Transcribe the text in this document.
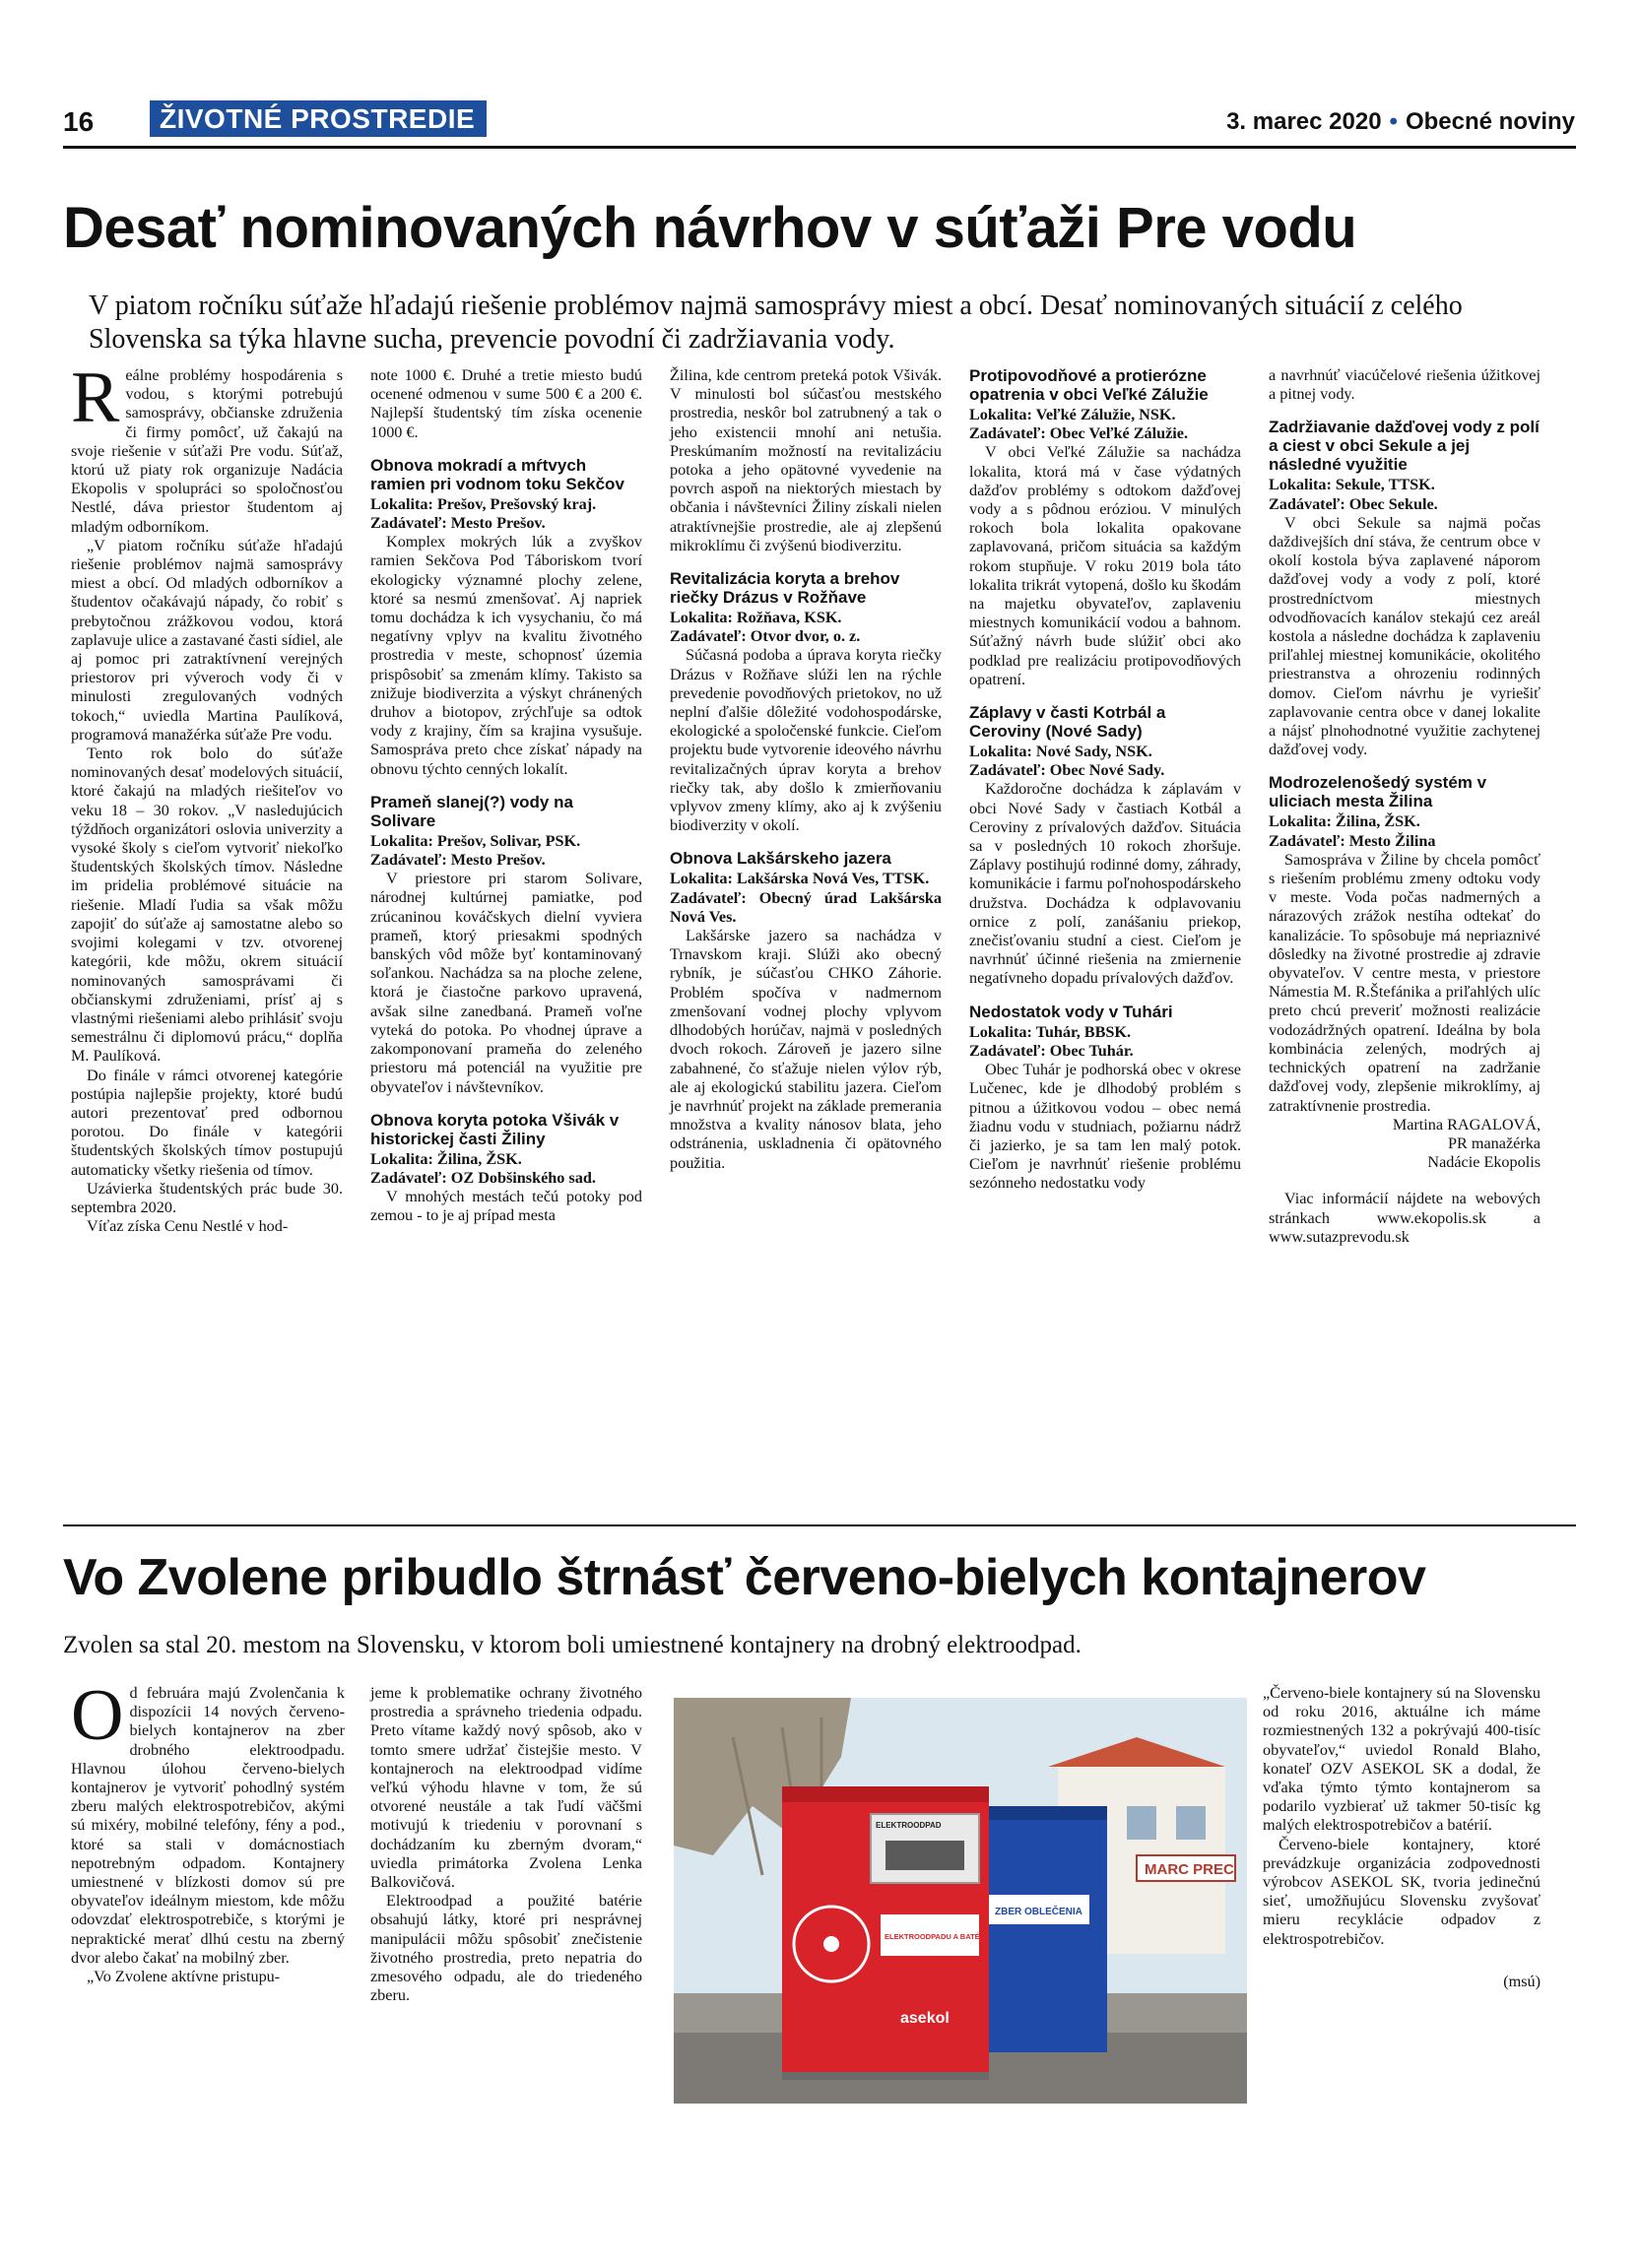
16	ŽIVOTNÉ PROSTREDIE	3. marec 2020 • Obecné noviny
Desať nominovaných návrhov v súťaži Pre vodu
V piatom ročníku súťaže hľadajú riešenie problémov najmä samosprávy miest a obcí. Desať nominovaných situácií z celého Slovenska sa týka hlavne sucha, prevencie povodní či zadržiavania vody.

Reálne problémy hospodárenia s vodou, s ktorými potrebujú samosprávy, občianske združenia či firmy pomôcť, už čakajú na svoje riešenie v súťaži Pre vodu. Súťaž, ktorú už piaty rok organizuje Nadácia Ekopolis v spolupráci so spoločnosťou Nestlé, dáva priestor študentom aj mladým odborníkom.

„V piatom ročníku súťaže hľadajú riešenie problémov najmä samosprávy miest a obcí. Od mladých odborníkov a študentov očakávajú nápady, čo robiť s prebytočnou zrážkovou vodou, ktorá zaplavuje ulice a zastavané časti sídiel, ale aj pomoc pri zatraktívnení verejných priestorov pri výveroch vody či v minulosti zregulovaných vodných tokoch,“ uviedla Martina Paulíková, programová manažérka súťaže Pre vodu.

Tento rok bolo do súťaže nominovaných desať modelových situácií, ktoré čakajú na mladých riešiteľov vo veku 18 – 30 rokov. „V nasledujúcich týždňoch organizátori oslovia univerzity a vysoké školy s cieľom vytvoriť niekoľko študentských školských tímov. Následne im pridelia problémové situácie na riešenie. Mladí ľudia sa však môžu zapojiť do súťaže aj samostatne alebo so svojimi kolegami v tzv. otvorenej kategórii, kde môžu, okrem situácií nominovaných samosprávami či občianskymi združeniami, prísť aj s vlastnými riešeniami alebo prihlásiť svoju semestrálnu či diplomovú prácu,“ doplňa M. Paulíková.

Do finále v rámci otvorenej kategórie postúpia najlepšie projekty, ktoré budú autori prezentovať pred odbornou porotou. Do finále v kategórii študentských školských tímov postupujú automaticky všetky riešenia od tímov.

Uzávierka študentských prác bude 30. septembra 2020.

Víťaz získa Cenu Nestlé v hod-

note 1000 €. Druhé a tretie miesto budú ocenené odmenou v sume 500 € a 200 €. Najlepší študentský tím získa ocenenie 1000 €.

Obnova mokradí a mŕtvych ramien pri vodnom toku Sekčov

Lokalita: Prešov, Prešovský kraj.

Zadávateľ: Mesto Prešov.

Komplex mokrých lúk a zvyškov ramien Sekčova Pod Táboriskom tvorí ekologicky významné plochy zelene, ktoré sa nesmú zmenšovať. Aj napriek tomu dochádza k ich vysychaniu, čo má negatívny vplyv na kvalitu životného prostredia v meste, schopnosť územia prispôsobiť sa zmenám klímy. Takisto sa znižuje biodiverzita a výskyt chránených druhov a biotopov, zrýchľuje sa odtok vody z krajiny, čím sa krajina vysušuje. Samospráva preto chce získať nápady na obnovu týchto cenných lokalít.

Prameň slanej(?) vody na Solivare

Lokalita: Prešov, Solivar, PSK.

Zadávateľ: Mesto Prešov.

V priestore pri starom Solivare, národnej kultúrnej pamiatke, pod zrúcaninou kováčskych dielní vyviera prameň, ktorý priesakmi spodných banských vôd môže byť kontaminovaný soľankou. Nachádza sa na ploche zelene, ktorá je čiastočne parkovo upravená, avšak silne zanedbaná. Prameň voľne vyteká do potoka. Po vhodnej úprave a zakomponovaní prameňa do zeleného priestoru má potenciál na využitie pre obyvateľov i návštevníkov.

Obnova koryta potoka Všivák v historickej časti Žiliny

Lokalita: Žilina, ŽSK.

Zadávateľ: OZ Dobšinského sad.

V mnohých mestách tečú potoky pod zemou - to je aj prípad mesta

Žilina, kde centrom preteká potok Všivák. V minulosti bol súčasťou mestského prostredia, neskôr bol zatrubnený a tak o jeho existencii mnohí ani netušia. Preskúmaním možností na revitalizáciu potoka a jeho opätovné vyvedenie na povrch aspoň na niektorých miestach by občania i návštevníci Žiliny získali nielen atraktívnejšie prostredie, ale aj zlepšenú mikroklímu či zvýšenú biodiverzitu.

Revitalizácia koryta a brehov riečky Drázus v Rožňave

Lokalita: Rožňava, KSK.

Zadávateľ: Otvor dvor, o. z.

Súčasná podoba a úprava koryta riečky Drázus v Rožňave slúži len na rýchle prevedenie povodňových prietokov, no už neplní ďalšie dôležité vodohospodárske, ekologické a spoločenské funkcie. Cieľom projektu bude vytvorenie ideového návrhu revitalizačných úprav koryta a brehov riečky tak, aby došlo k zmierňovaniu vplyvov zmeny klímy, ako aj k zvýšeniu biodiverzity v okolí.

Obnova Lakšárskeho jazera

Lokalita: Lakšárska Nová Ves, TTSK.

Zadávateľ: Obecný úrad Lakšárska Nová Ves.

Lakšárske jazero sa nachádza v Trnavskom kraji. Slúži ako obecný rybník, je súčasťou CHKO Záhorie. Problém spočíva v nadmernom zmenšovaní vodnej plochy vplyvom dlhodobých horúčav, najmä v posledných dvoch rokoch. Zároveň je jazero silne zabahnené, čo sťažuje nielen výlov rýb, ale aj ekologickú stabilitu jazera. Cieľom je navrhnúť projekt na základe premerania množstva a kvality nánosov blata, jeho odstránenia, uskladnenia či opätovného použitia.

Protipovodňové a protierózne opatrenia v obci Veľké Zálužie

Lokalita: Veľké Zálužie, NSK.

Zadávateľ: Obec Veľké Zálužie.

V obci Veľké Zálužie sa nachádza lokalita, ktorá má v čase výdatných dažďov problémy s odtokom dažďovej vody a s pôdnou eróziou. V minulých rokoch bola lokalita opakovane zaplavovaná, pričom situácia sa každým rokom stupňuje. V roku 2019 bola táto lokalita trikrát vytopená, došlo ku škodám na majetku obyvateľov, zaplaveniu miestnych komunikácií vodou a bahnom. Súťažný návrh bude slúžiť obci ako podklad pre realizáciu protipovodňových opatrení.

Záplavy v časti Kotrbál a Ceroviny (Nové Sady)

Lokalita: Nové Sady, NSK.

Zadávateľ: Obec Nové Sady.

Každoročne dochádza k záplavám v obci Nové Sady v častiach Kotbál a Ceroviny z prívalových dažďov. Situácia sa v posledných 10 rokoch zhoršuje. Záplavy postihujú rodinné domy, záhrady, komunikácie i farmu poľnohospodárskeho družstva. Dochádza k odplavovaniu ornice z polí, zanášaniu priekop, znečisťovaniu studní a ciest. Cieľom je navrhnúť účinné riešenia na zmiernenie negatívneho dopadu prívalových dažďov.

Nedostatok vody v Tuhári

Lokalita: Tuhár, BBSK.

Zadávateľ: Obec Tuhár.

Obec Tuhár je podhorská obec v okrese Lučenec, kde je dlhodobý problém s pitnou a úžitkovou vodou – obec nemá žiadnu vodu v studniach, požiarnu nádrž či jazierko, je sa tam len malý potok. Cieľom je navrhnúť riešenie problému sezónneho nedostatku vody

a navrhnúť viacúčelové riešenia úžitkovej a pitnej vody.

Zadržiavanie dažďovej vody z polí a ciest v obci Sekule a jej následné využitie

Lokalita: Sekule, TTSK.

Zadávateľ: Obec Sekule.

V obci Sekule sa najmä počas daždivejších dní stáva, že centrum obce v okolí kostola býva zaplavené náporom dažďovej vody a vody z polí, ktoré prostredníctvom miestnych odvodňovacích kanálov stekajú cez areál kostola a následne dochádza k zaplaveniu priľahlej miestnej komunikácie, okolitého priestranstva a ohrozeniu rodinných domov. Cieľom návrhu je vyriešiť zaplavovanie centra obce v danej lokalite a nájsť plnohodnotné využitie zachytenej dažďovej vody.

Modrozelenošedý systém v uliciach mesta Žilina

Lokalita: Žilina, ŽSK.

Zadávateľ: Mesto Žilina

Samospráva v Žiline by chcela pomôcť s riešením problému zmeny odtoku vody v meste. Voda počas nadmerných a nárazových zrážok nestíha odtekať do kanalizácie. To spôsobuje má nepriaznivé dôsledky na životné prostredie aj zdravie obyvateľov. V centre mesta, v priestore Námestia M. R.Štefánika a priľahlých ulíc preto chcú preveriť možnosti realizácie vodozádržných opatrení. Ideálna by bola kombinácia zelených, modrých aj technických opatrení na zadržanie dažďovej vody, zlepšenie mikroklímy, aj zatraktívnenie prostredia.

Martina RAGALOVÁ,

PR manažérka

Nadácie Ekopolis

Viac informácií nájdete na webových stránkach www.ekopolis.sk a www.sutazprevodu.sk

Vo Zvolene pribudlo štrnásť červeno-bielych kontajnerov
Zvolen sa stal 20. mestom na Slovensku, v ktorom boli umiestnené kontajnery na drobný elektroodpad.

Od februára majú Zvolenčania k dispozícii 14 nových červeno-bielych kontajnerov na zber drobného elektroodpadu. Hlavnou úlohou červeno-bielych kontajnerov je vytvoriť pohodlný systém zberu malých elektrospotrebičov, akými sú mixéry, mobilné telefóny, fény a pod., ktoré sa stali v domácnostiach nepotrebným odpadom. Kontajnery umiestnené v blízkosti domov sú pre obyvateľov ideálnym miestom, kde môžu odovzdať elektrospotrebiče, s ktorými je nepraktické merať dlhú cestu na zberný dvor alebo čakať na mobilný zber.

„Vo Zvolene aktívne pristupu-

jeme k problematike ochrany životného prostredia a správneho triedenia odpadu. Preto vítame každý nový spôsob, ako v tomto smere udržať čistejšie mesto. V kontajneroch na elektroodpad vidíme veľkú výhodu hlavne v tom, že sú otvorené neustále a tak ľudí väčšmi motivujú k triedeniu v porovnaní s dochádzaním ku zberným dvoram,“ uviedla primátorka Zvolena Lenka Balkovičová.

Elektroodpad a použité batérie obsahujú látky, ktoré pri nesprávnej manipulácii môžu spôsobiť znečistenie životného prostredia, preto nepatria do zmesového odpadu, ale do triedeného zberu.

MARC PREC
ZBER OBLEČENIA
ELEKTROODPAD
ELEKTROODPADU A BATÉRIÍ
asekol

„Červeno-biele kontajnery sú na Slovensku od roku 2016, aktuálne ich máme rozmiestnených 132 a pokrývajú 400-tisíc obyvateľov,“ uviedol Ronald Blaho, konateľ OZV ASEKOL SK a dodal, že vďaka týmto týmto kontajnerom sa podarilo vyzbierať už takmer 50-tisíc kg malých elektrospotrebičov a batérií.

Červeno-biele kontajnery, ktoré prevádzkuje organizácia zodpovednosti výrobcov ASEKOL SK, tvoria jedinečnú sieť, umožňujúcu Slovensku zvyšovať mieru recyklácie odpadov z elektrospotrebičov.

(msú)
